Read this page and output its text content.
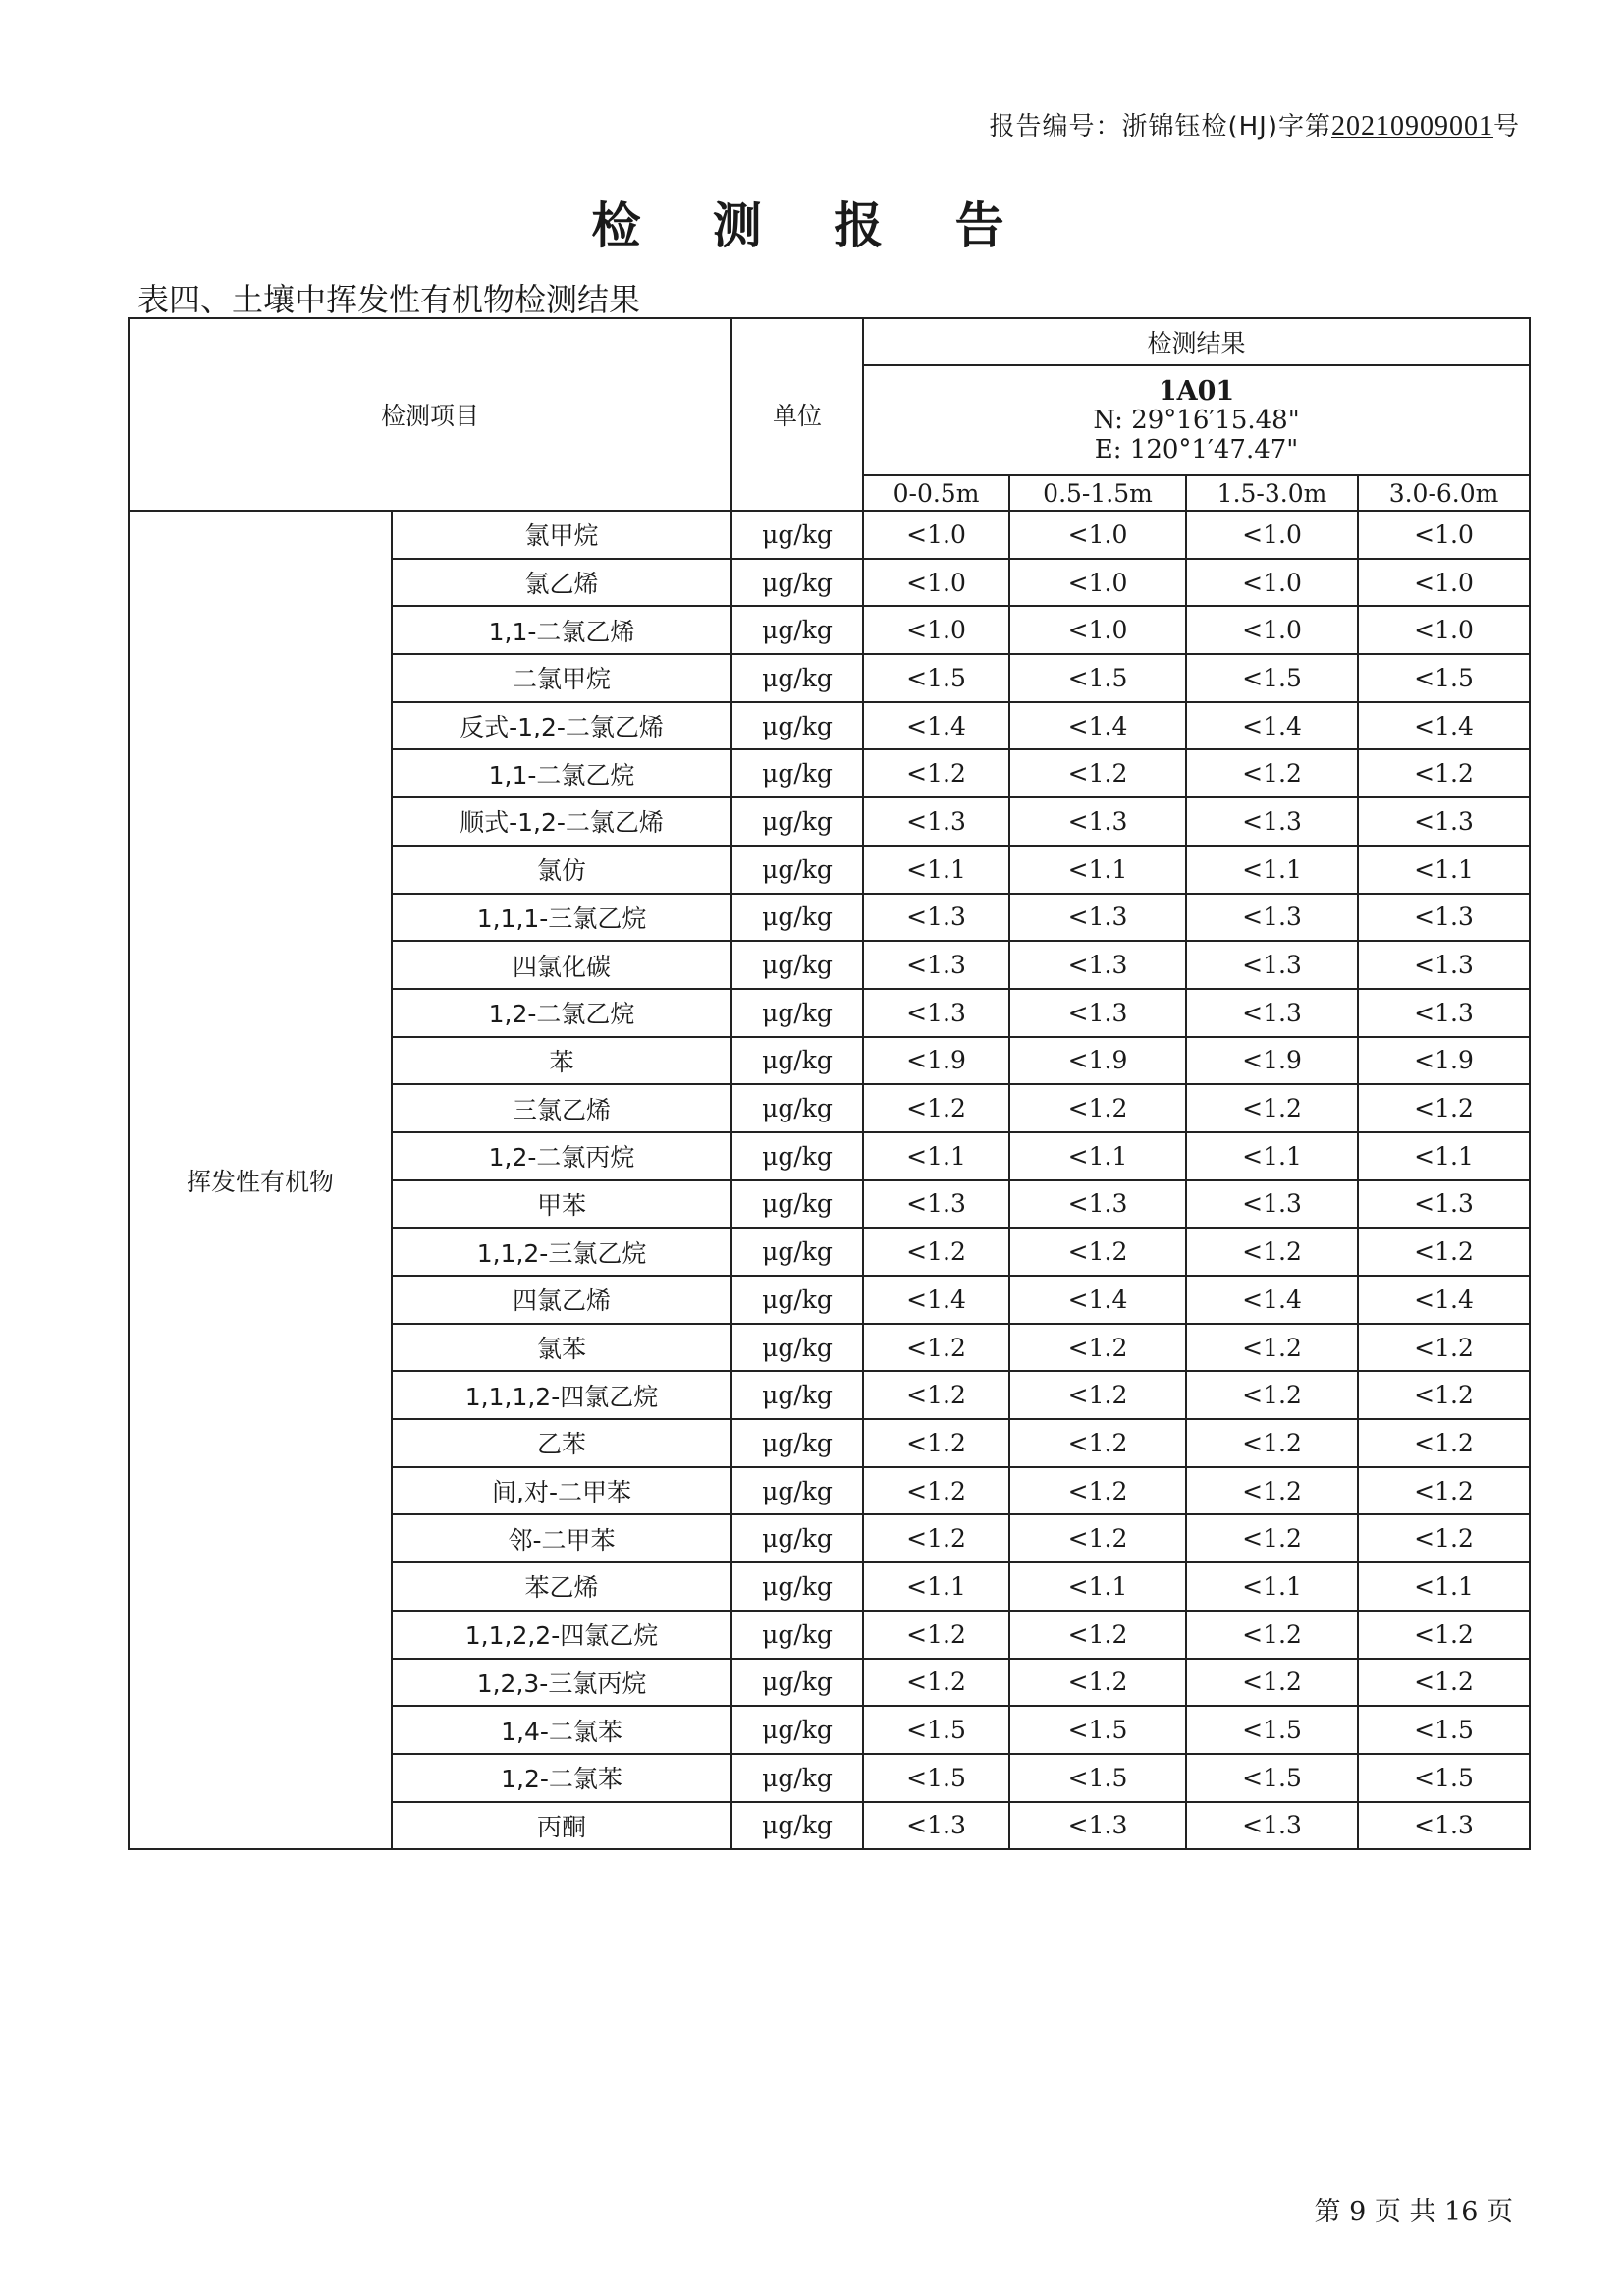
报告编号：浙锦钰检(HJ)字第20210909001号
检 测 报 告
表四、土壤中挥发性有机物检测结果
检测项目		单位	检测结果			

			1A01
N: 29°16′15.48"
E: 120°1′47.47"			

			0-0.5m	0.5-1.5m	1.5-3.0m	3.0-6.0m
挥发性有机物	氯甲烷	μg/kg	<1.0	<1.0	<1.0	<1.0
	氯乙烯	μg/kg	<1.0	<1.0	<1.0	<1.0
	1,1-二氯乙烯	μg/kg	<1.0	<1.0	<1.0	<1.0
	二氯甲烷	μg/kg	<1.5	<1.5	<1.5	<1.5
	反式-1,2-二氯乙烯	μg/kg	<1.4	<1.4	<1.4	<1.4
	1,1-二氯乙烷	μg/kg	<1.2	<1.2	<1.2	<1.2
	顺式-1,2-二氯乙烯	μg/kg	<1.3	<1.3	<1.3	<1.3
	氯仿	μg/kg	<1.1	<1.1	<1.1	<1.1
	1,1,1-三氯乙烷	μg/kg	<1.3	<1.3	<1.3	<1.3
	四氯化碳	μg/kg	<1.3	<1.3	<1.3	<1.3
	1,2-二氯乙烷	μg/kg	<1.3	<1.3	<1.3	<1.3
	苯	μg/kg	<1.9	<1.9	<1.9	<1.9
	三氯乙烯	μg/kg	<1.2	<1.2	<1.2	<1.2
	1,2-二氯丙烷	μg/kg	<1.1	<1.1	<1.1	<1.1
	甲苯	μg/kg	<1.3	<1.3	<1.3	<1.3
	1,1,2-三氯乙烷	μg/kg	<1.2	<1.2	<1.2	<1.2
	四氯乙烯	μg/kg	<1.4	<1.4	<1.4	<1.4
	氯苯	μg/kg	<1.2	<1.2	<1.2	<1.2
	1,1,1,2-四氯乙烷	μg/kg	<1.2	<1.2	<1.2	<1.2
	乙苯	μg/kg	<1.2	<1.2	<1.2	<1.2
	间,对-二甲苯	μg/kg	<1.2	<1.2	<1.2	<1.2
	邻-二甲苯	μg/kg	<1.2	<1.2	<1.2	<1.2
	苯乙烯	μg/kg	<1.1	<1.1	<1.1	<1.1
	1,1,2,2-四氯乙烷	μg/kg	<1.2	<1.2	<1.2	<1.2
	1,2,3-三氯丙烷	μg/kg	<1.2	<1.2	<1.2	<1.2
	1,4-二氯苯	μg/kg	<1.5	<1.5	<1.5	<1.5
	1,2-二氯苯	μg/kg	<1.5	<1.5	<1.5	<1.5
	丙酮	μg/kg	<1.3	<1.3	<1.3	<1.3
第 9 页 共 16 页
